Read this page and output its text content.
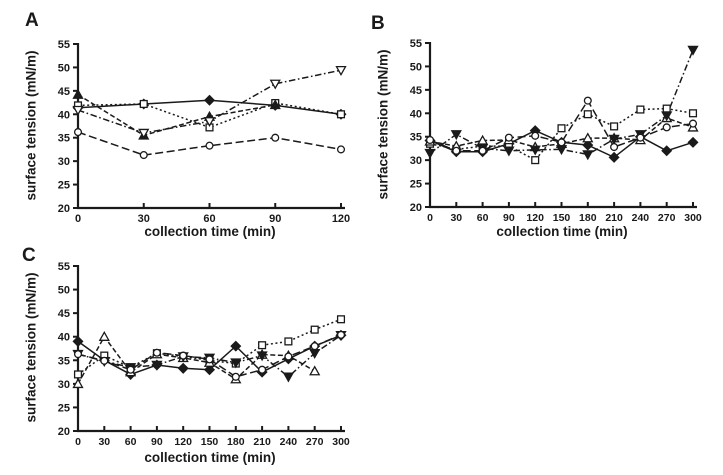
A
surface tension (mN/m)
20
25
30
35
40
45
50
55
0	30	60	90	120
collection time (min)
B
surface tension (mN/m)
20
25
30
35
40
45
50
55
0 30 60 90 120 150 180 210 240 270 300
collection time (min)
C
surface tension (mN/m)
20
25
30
35
40
45
50
55
0 30 60 90 120 150 180 210 240 270 300
collection time (min)
